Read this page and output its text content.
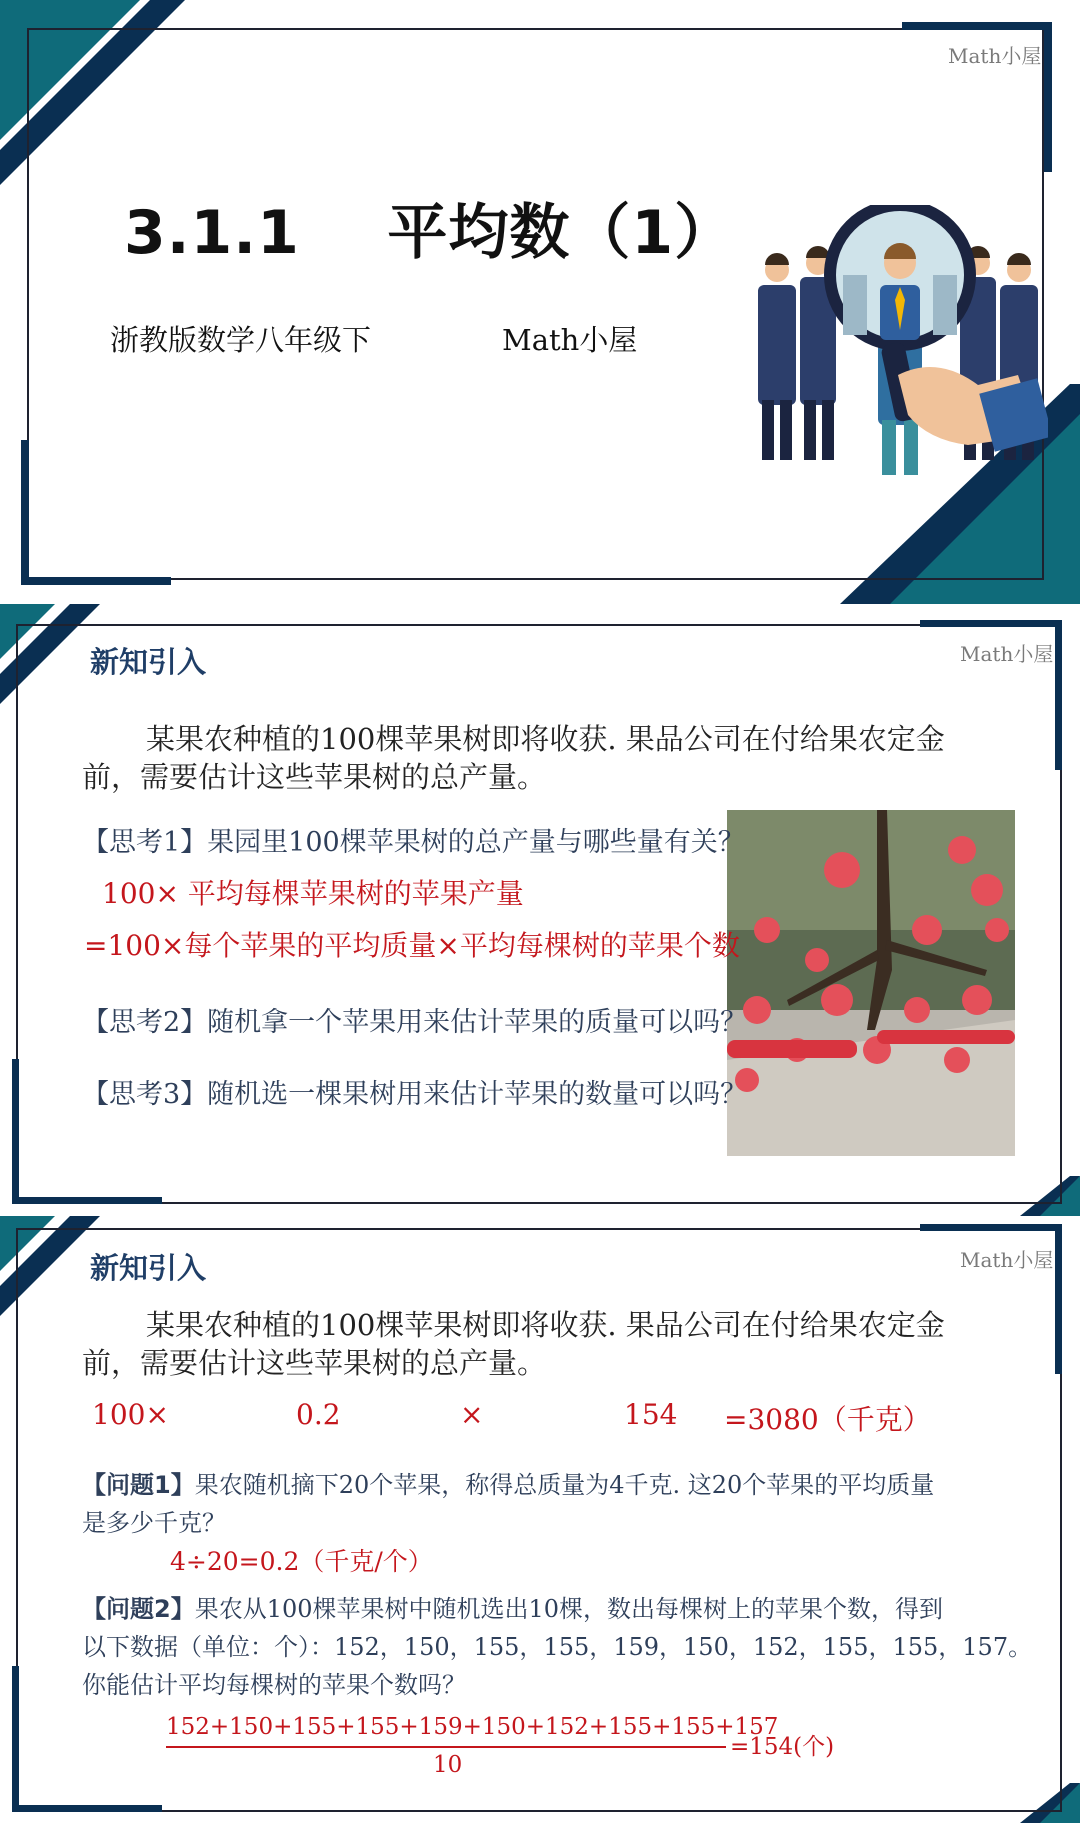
Math小屋
3.1.1    平均数（1）
浙教版数学八年级下	Math小屋
Math小屋
新知引入
某果农种植的100棵苹果树即将收获. 果品公司在付给果农定金
前，需要估计这些苹果树的总产量。
【思考1】果园里100棵苹果树的总产量与哪些量有关？
100× 平均每棵苹果树的苹果产量
=100×每个苹果的平均质量×平均每棵树的苹果个数
【思考2】随机拿一个苹果用来估计苹果的质量可以吗？
【思考3】随机选一棵果树用来估计苹果的数量可以吗？
Math小屋
新知引入
某果农种植的100棵苹果树即将收获. 果品公司在付给果农定金
前，需要估计这些苹果树的总产量。
100×	0.2	×	154 =3080（千克）
【问题1】果农随机摘下20个苹果，称得总质量为4千克. 这20个苹果的平均质量
是多少千克？
4÷20=0.2（千克/个）
【问题2】果农从100棵苹果树中随机选出10棵，数出每棵树上的苹果个数，得到
以下数据（单位：个）：152，150，155，155，159，150，152，155，155，157。
你能估计平均每棵树的苹果个数吗？
152+150+155+155+159+150+152+155+155+157
10
=154(个)
